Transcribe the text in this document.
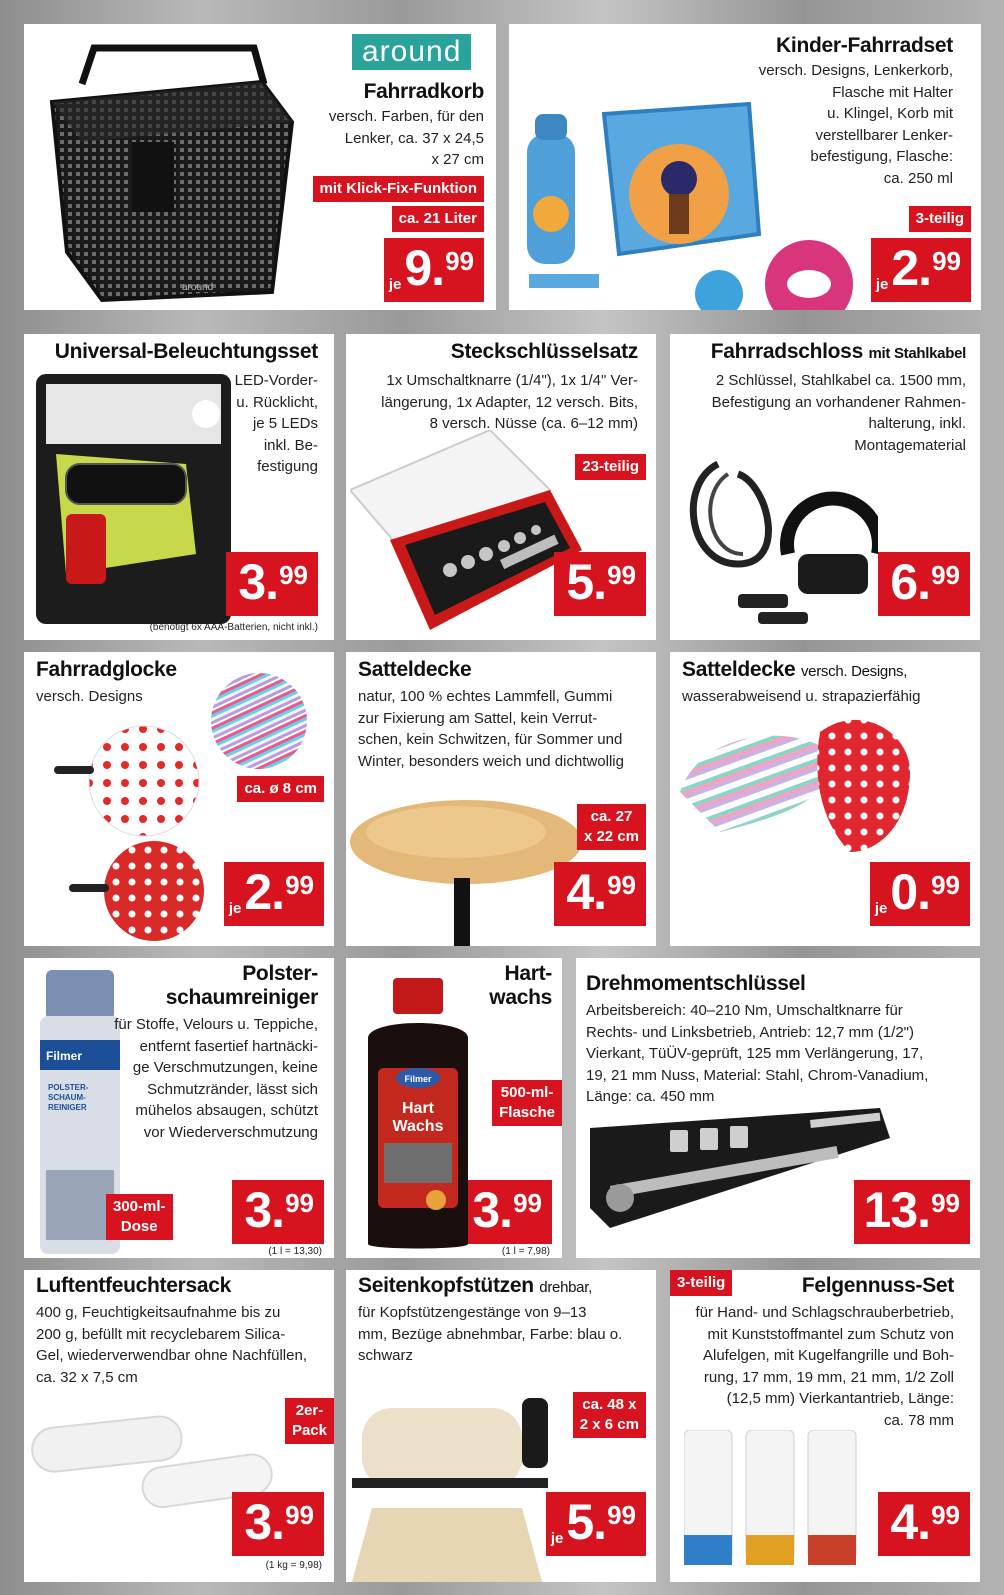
around
around
Fahrradkorb
versch. Farben, für den
Lenker, ca. 37 x 24,5
x 27 cm
mit Klick-Fix-Funktion
ca. 21 Liter
je 9 . 99
Kinder-Fahrradset
versch. Designs, Lenkerkorb,
Flasche mit Halter
u. Klingel, Korb mit
verstellbarer Lenker-
befestigung, Flasche:
ca. 250 ml
3-teilig
je 2 . 99
Universal-Beleuchtungsset
LED-Vorder-
u. Rücklicht,
je 5 LEDs
inkl. Be-
festigung
3 . 99
(benötigt 6x AAA-Batterien, nicht inkl.)
Steckschlüsselsatz
1x Umschaltknarre (1/4"), 1x 1/4" Ver-
längerung, 1x Adapter, 12 versch. Bits,
8 versch. Nüsse (ca. 6–12 mm)
23-teilig
5 . 99
Fahrradschloss mit Stahlkabel
2 Schlüssel, Stahlkabel ca. 1500 mm,
Befestigung an vorhandener Rahmen-
halterung, inkl.
Montagematerial
6 . 99
Fahrradglocke
versch. Designs
ca. ø 8 cm
je 2 . 99
Satteldecke
natur, 100 % echtes Lammfell, Gummi
zur Fixierung am Sattel, kein Verrut-
schen, kein Schwitzen, für Sommer und
Winter, besonders weich und dichtwollig
ca. 27
x 22 cm
4 . 99
Satteldecke versch. Designs,
wasserabweisend u. strapazierfähig
je 0 . 99
Filmer
POLSTER-
SCHAUM-
REINIGER
Polster-
schaumreiniger
für Stoffe, Velours u. Teppiche,
entfernt fasertief hartnäcki-
ge Verschmutzungen, keine
Schmutzränder, lässt sich
mühelos absaugen, schützt
vor Wiederverschmutzung
300-ml-
Dose 3 . 99
(1 l = 13,30)
Filmer
Hart
Wachs
Hart-
wachs
500-ml-
Flasche
3 . 99
(1 l = 7,98)
Drehmomentschlüssel
Arbeitsbereich: 40–210 Nm, Umschaltknarre für
Rechts- und Linksbetrieb, Antrieb: 12,7 mm (1/2")
Vierkant, TüÜV-geprüft, 125 mm Verlängerung, 17,
19, 21 mm Nuss, Material: Stahl, Chrom-Vanadium,
Länge: ca. 450 mm
13 . 99
Luftentfeuchtersack
400 g, Feuchtigkeitsaufnahme bis zu
200 g, befüllt mit recyclebarem Silica-
Gel, wiederverwendbar ohne Nachfüllen,
ca. 32 x 7,5 cm
2er-
Pack
3 . 99
(1 kg = 9,98)
Seitenkopfstützen drehbar,
für Kopfstützengestänge von 9–13
mm, Bezüge abnehmbar, Farbe: blau o.
schwarz
ca. 48 x
2 x 6 cm
je 5 . 99
3-teilig	Felgennuss-Set
für Hand- und Schlagschrauberbetrieb,
mit Kunststoffmantel zum Schutz von
Alufelgen, mit Kugelfangrille und Boh-
rung, 17 mm, 19 mm, 21 mm, 1/2 Zoll
(12,5 mm) Vierkantantrieb, Länge:
ca. 78 mm
4 . 99
